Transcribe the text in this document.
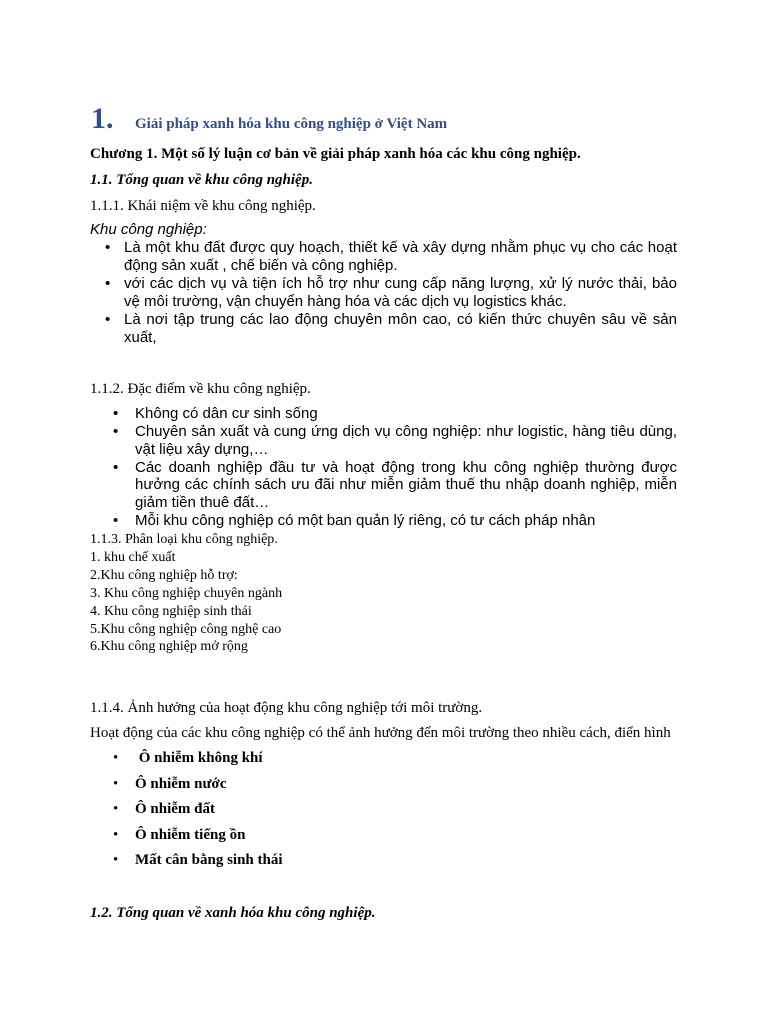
1. Giải pháp xanh hóa khu công nghiệp ở Việt Nam
Chương 1. Một số lý luận cơ bản về giải pháp xanh hóa các khu công nghiệp.
1.1. Tổng quan về khu công nghiệp.
1.1.1. Khái niệm về khu công nghiệp.
Khu công nghiệp:
• Là một khu đất được quy hoạch, thiết kế và xây dựng nhằm phục vụ cho các hoạt động sản xuất , chế biến và công nghiệp.
• với các dịch vụ và tiện ích hỗ trợ như cung cấp năng lượng, xử lý nước thải, bảo vệ môi trường, vận chuyển hàng hóa và các dịch vụ logistics khác.
• Là nơi tập trung các lao động chuyên môn cao, có kiến thức chuyên sâu về sản xuất,
1.1.2. Đặc điểm về khu công nghiệp.
• Không có dân cư sinh sống
• Chuyên sản xuất và cung ứng dịch vụ công nghiệp: như logistic, hàng tiêu dùng, vật liệu xây dựng,…
• Các doanh nghiệp đầu tư và hoạt động trong khu công nghiệp thường được hưởng các chính sách ưu đãi như miễn giảm thuế thu nhập doanh nghiệp, miễn giảm tiền thuê đất…
• Mỗi khu công nghiệp có một ban quản lý riêng, có tư cách pháp nhân
1.1.3. Phân loại khu công nghiệp.
1. khu chế xuất
2.Khu công nghiệp hỗ trợ:
3. Khu công nghiệp chuyên ngành
4. Khu công nghiệp sinh thái
5.Khu công nghiệp công nghệ cao
6.Khu công nghiệp mở rộng
1.1.4. Ảnh hưởng của hoạt động khu công nghiệp tới môi trường.
Hoạt động của các khu công nghiệp có thể ảnh hưởng đến môi trường theo nhiều cách, điển hình
• Ô nhiễm không khí
• Ô nhiễm nước
• Ô nhiễm đất
• Ô nhiễm tiếng ồn
• Mất cân bằng sinh thái
1.2. Tổng quan về xanh hóa khu công nghiệp.
